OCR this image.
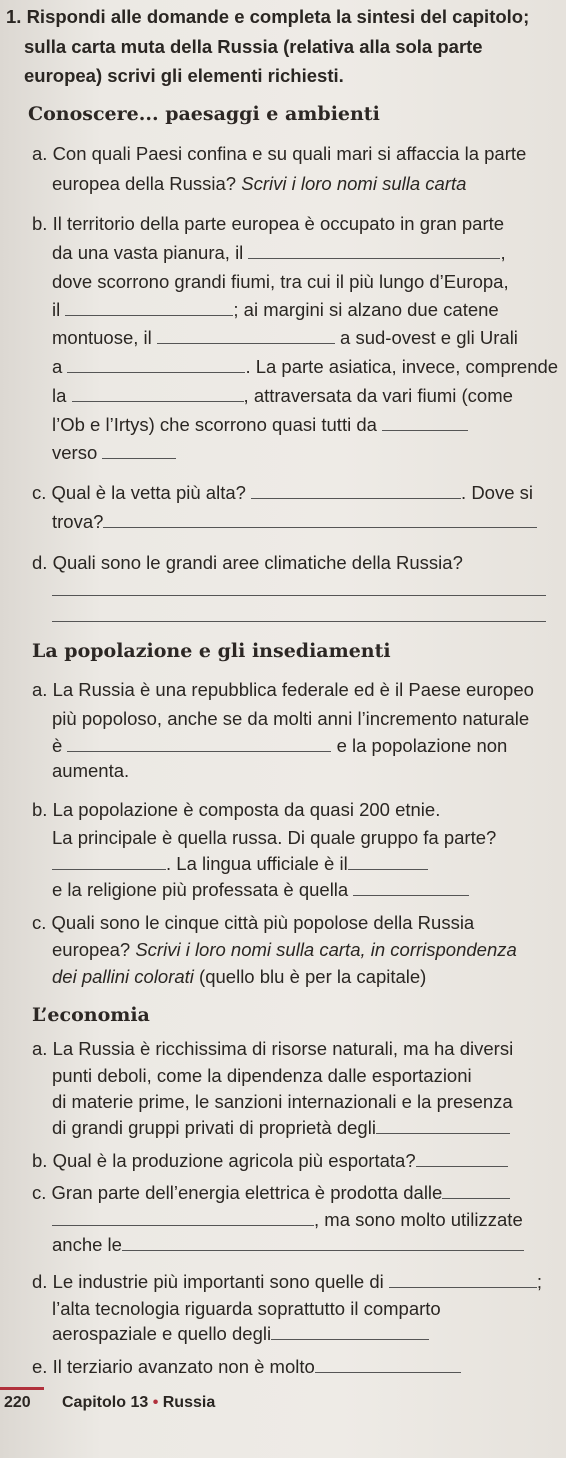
1. Rispondi alle domande e completa la sintesi del capitolo;
sulla carta muta della Russia (relativa alla sola parte
europea) scrivi gli elementi richiesti.
Conoscere... paesaggi e ambienti
a. Con quali Paesi confina e su quali mari si affaccia la parte
europea della Russia? Scrivi i loro nomi sulla carta
b. Il territorio della parte europea è occupato in gran parte
da una vasta pianura, il	,
dove scorrono grandi fiumi, tra cui il più lungo d’Europa,
il	; ai margini si alzano due catene
montuose, il	a sud-ovest e gli Urali
a	. La parte asiatica, invece, comprende
la	, attraversata da vari fiumi (come
l’Ob e l’Irtys) che scorrono quasi tutti da
verso
c. Qual è la vetta più alta?	. Dove si
trova?
d. Quali sono le grandi aree climatiche della Russia?
La popolazione e gli insediamenti
a. La Russia è una repubblica federale ed è il Paese europeo
più popoloso, anche se da molti anni l’incremento naturale
è	e la popolazione non
aumenta.
b. La popolazione è composta da quasi 200 etnie.
La principale è quella russa. Di quale gruppo fa parte?
. La lingua ufficiale è il
e la religione più professata è quella
c. Quali sono le cinque città più popolose della Russia
europea? Scrivi i loro nomi sulla carta, in corrispondenza
dei pallini colorati (quello blu è per la capitale)
L’economia
a. La Russia è ricchissima di risorse naturali, ma ha diversi
punti deboli, come la dipendenza dalle esportazioni
di materie prime, le sanzioni internazionali e la presenza
di grandi gruppi privati di proprietà degli
b. Qual è la produzione agricola più esportata?
c. Gran parte dell’energia elettrica è prodotta dalle
, ma sono molto utilizzate
anche le
d. Le industrie più importanti sono quelle di	;
l’alta tecnologia riguarda soprattutto il comparto
aerospaziale e quello degli
e. Il terziario avanzato non è molto
220 Capitolo 13 • Russia
